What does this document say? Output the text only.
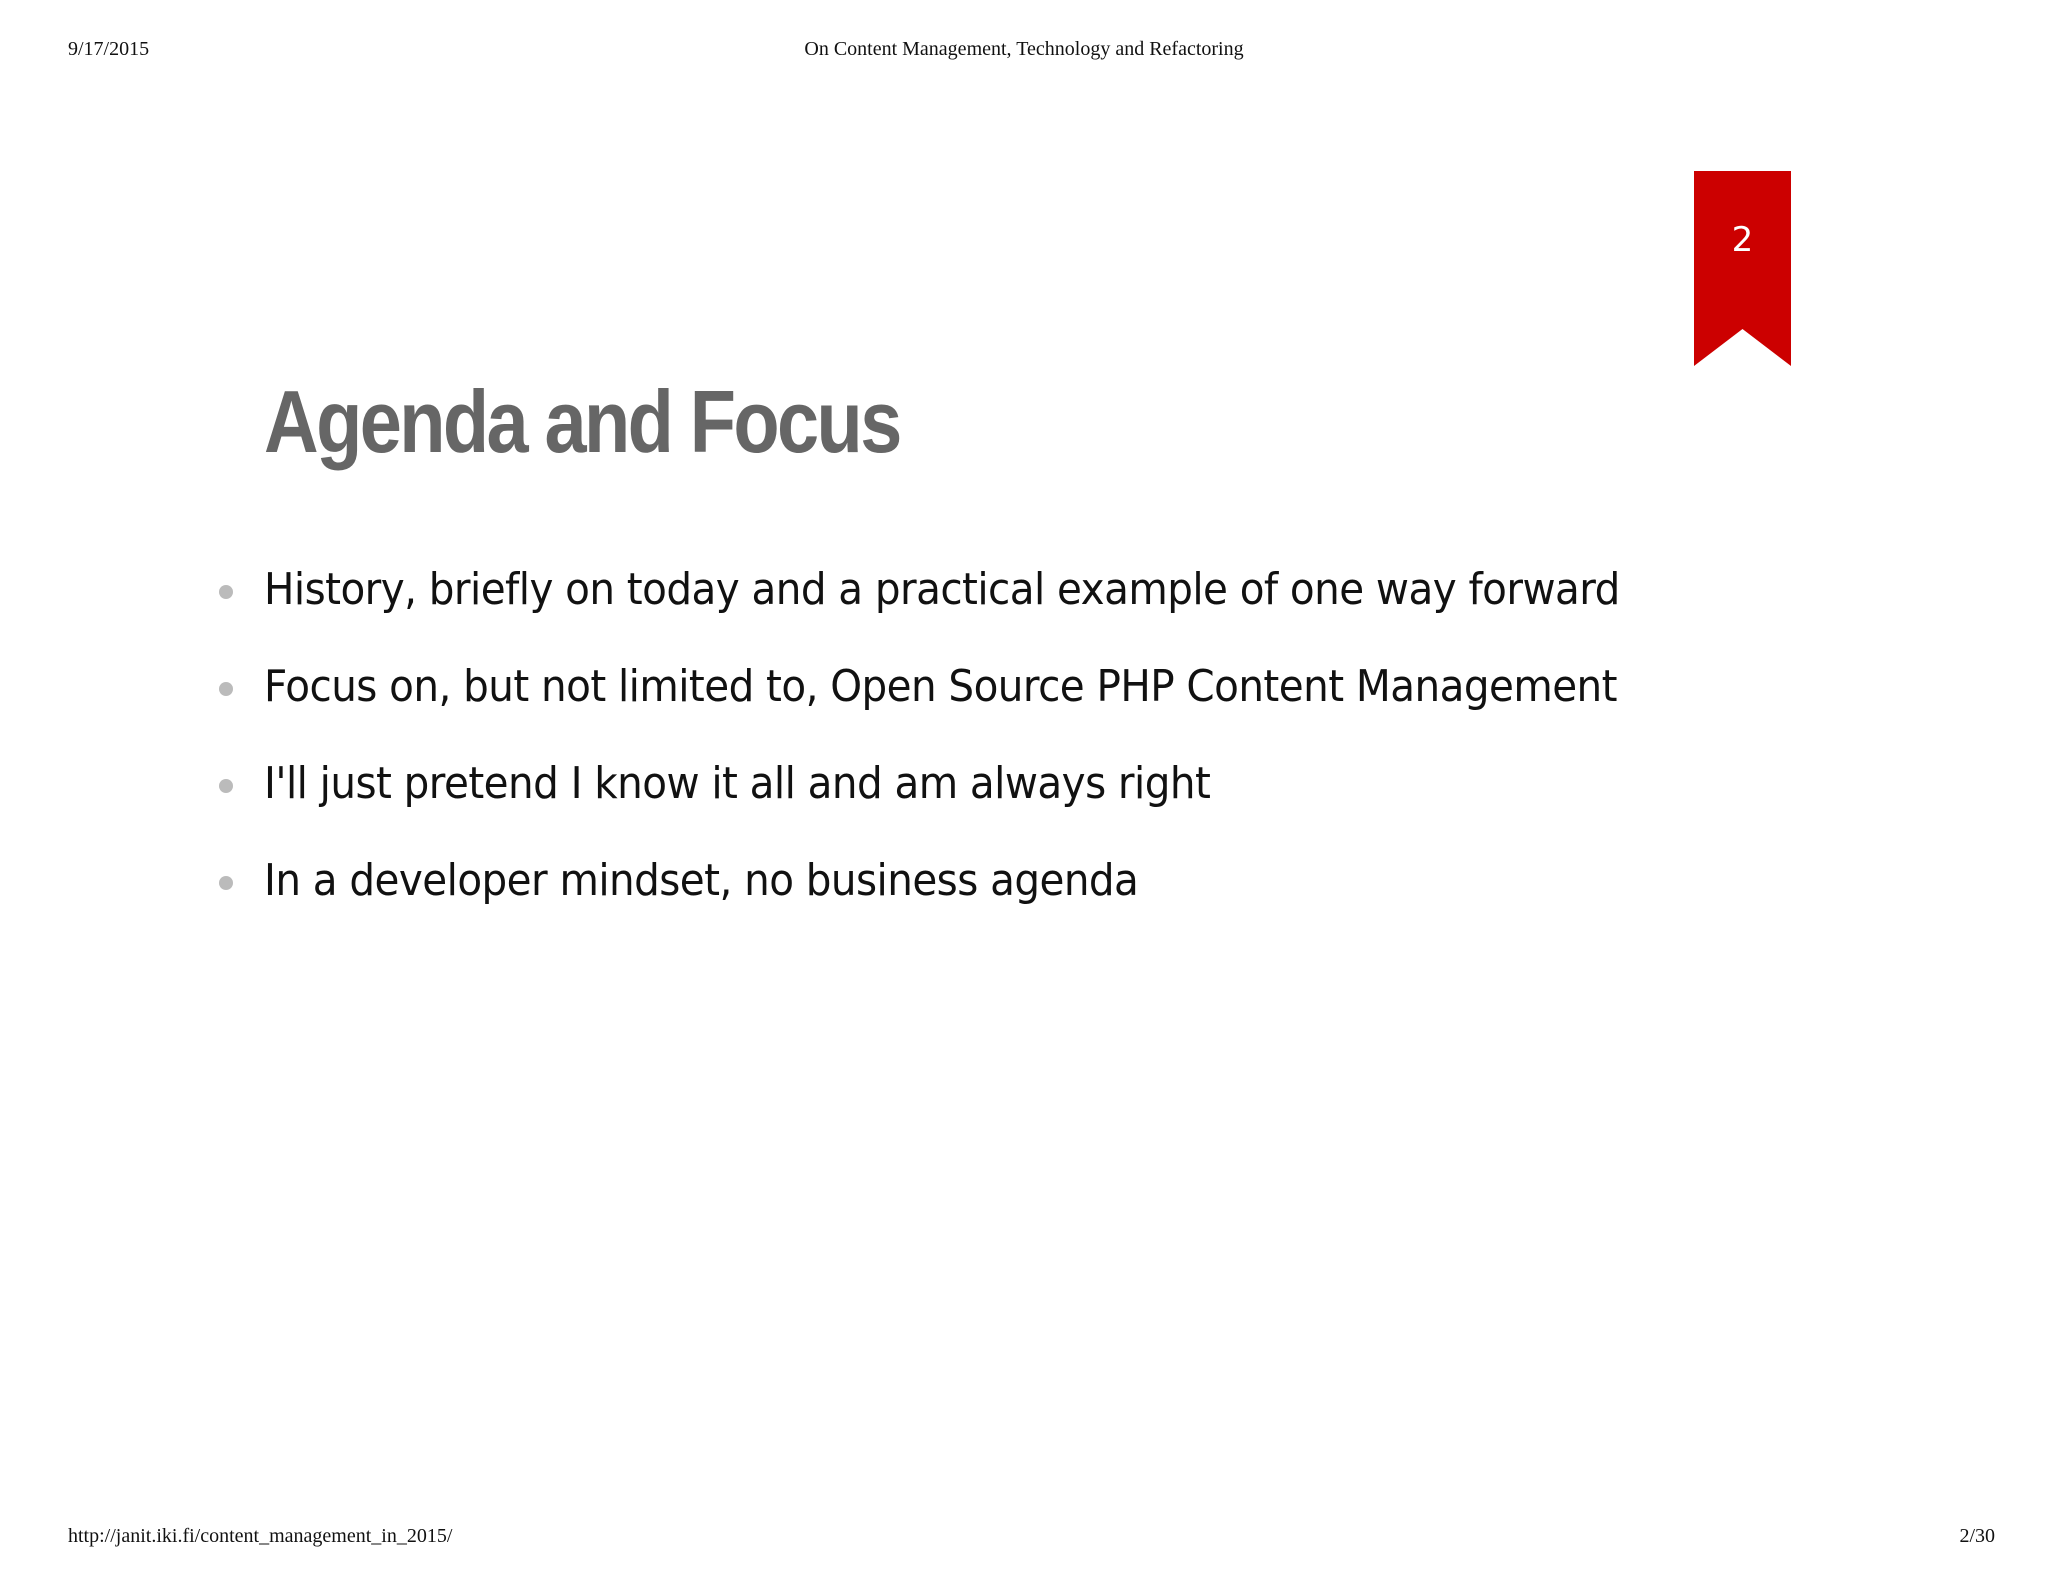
9/17/2015	On Content Management, Technology and Refactoring
2
Agenda and Focus
History, briefly on today and a practical example of one way forward
Focus on, but not limited to, Open Source PHP Content Management
I'll just pretend I know it all and am always right
In a developer mindset, no business agenda
http://janit.iki.fi/content_management_in_2015/	2/30
